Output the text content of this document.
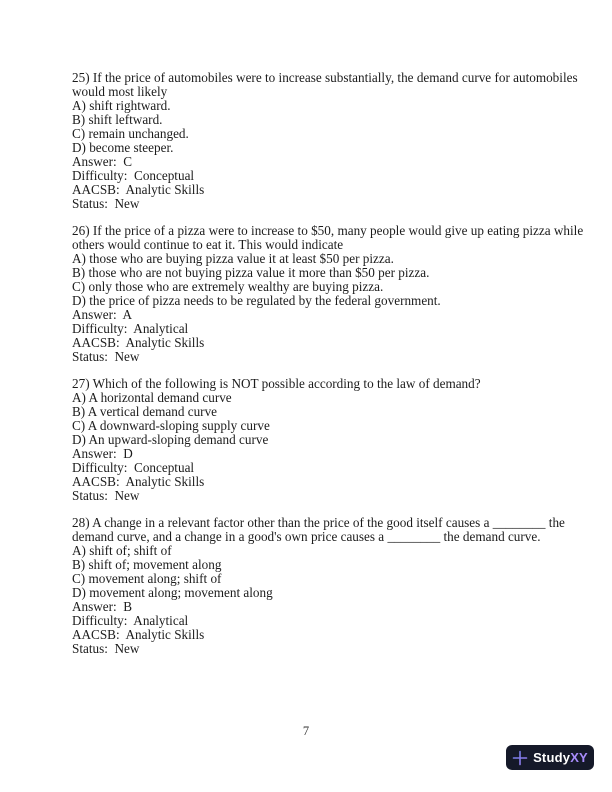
25) If the price of automobiles were to increase substantially, the demand curve for automobiles
would most likely
A) shift rightward.
B) shift leftward.
C) remain unchanged.
D) become steeper.
Answer:  C
Difficulty:  Conceptual
AACSB:  Analytic Skills
Status:  New
26) If the price of a pizza were to increase to $50, many people would give up eating pizza while
others would continue to eat it. This would indicate
A) those who are buying pizza value it at least $50 per pizza.
B) those who are not buying pizza value it more than $50 per pizza.
C) only those who are extremely wealthy are buying pizza.
D) the price of pizza needs to be regulated by the federal government.
Answer:  A
Difficulty:  Analytical
AACSB:  Analytic Skills
Status:  New
27) Which of the following is NOT possible according to the law of demand?
A) A horizontal demand curve
B) A vertical demand curve
C) A downward-sloping supply curve
D) An upward-sloping demand curve
Answer:  D
Difficulty:  Conceptual
AACSB:  Analytic Skills
Status:  New
28) A change in a relevant factor other than the price of the good itself causes a ________ the
demand curve, and a change in a good's own price causes a ________ the demand curve.
A) shift of; shift of
B) shift of; movement along
C) movement along; shift of
D) movement along; movement along
Answer:  B
Difficulty:  Analytical
AACSB:  Analytic Skills
Status:  New
7
Study XY
